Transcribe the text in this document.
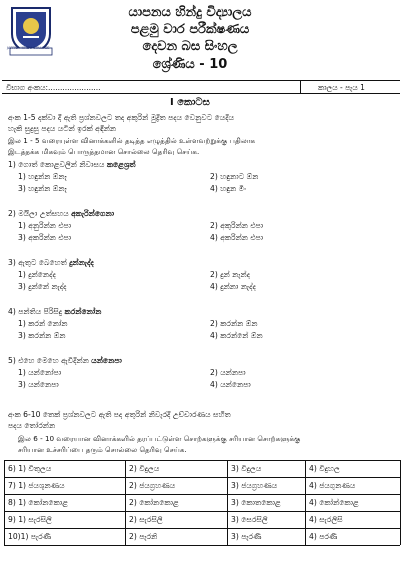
JAFFNA HINDU COLLEGE
යාපනය හින්දු විද්‍යාලය
පළමු වාර පරීක්ෂණය
දෙවන බස සිංහල
ශ්‍රේණිය - 10
විභාග අංකය:......................	කාලය - පැය 1
I කොටස
අංක 1-5 දක්වා දී ඇති ප්‍රශ්නවලට තද අකුරින් මුද්‍රිත පදය වෙනුවට යෙදිය
හැකි සුදුසු පදය යටින් ඉරක් අඳින්න
இல 1 - 5 வரையுள்ள வினாக்களில் தடித்த எழுத்தில் உள்ளவற்றுக்கு பதிலாக
இடத்தக்க மிகவும் பொருத்தமான சொல்லை தெரிவு செய்க.
1) ගොත් කොළවලින් නිවාසය කළ‍ෙශ්‍රත්
1) හඳුන්න ඕනෑ	2) හඳුනාට ඕන
3) හඳුන්න ඕනෑ	4) හඳුන මිං
2) මයිලා උත්සහය අකැරින්ගෙනා
1) අනුරින්න එපා	2) අකුරින්න එපා
3) අකරින්න එපා	4) අකරින්න එපා
3) ඇතුට බෙහෙත් දුන්නැද්ද
1) දුන්නෙද්ද	2) දුන් නැන්ද
3) දුන්නේ නැද්ද	4) දුන්නා නැද්ද
4) පන්තිය පිරිසිදු කරන්නෝන
1) කරන් නෝන	2) කරන්න ඕන
3) කරන්න ඕන	4) කරන්නේ ඕන
5) එහෙ මෙහෙ ඇවිදින්න යන්නෙපා
1) යන්නෝපා	2) යන්නපා
3) යන්නෙපා	4) යන්නෙපා
අංක 6-10 තෙක් ප්‍රශ්නවලට ඇති පද අතුරින් නිවැරදි උච්චාරණය සහිත
පදය තෝරන්න
இல 6 - 10 வரையான வினாக்களில் தரப்பட்டுள்ள சொற்களுக்கு சரியான சொற்களுக்கு
சரியான உச்சரிப்பை தரும் சொல்லை தெரிவு செய்க.
6) 1) විතුලය	2) විදුලය	3) විදුලය	4) විදුහල
7) 1) ජයශුනණය	2) ජයග්‍රහණය	3) ජයග්‍රහණය	4) ජයගුනණය
8) 1) කෝනකොළ	2) කෝනකොළ	3) කොතකොළ	4) කෝන්කොළ
9) 1) සැරසිලි	2) සැරසිලි	3) සෙරසිලි	4) සැරලිසි
10)1) පැරණි	2) පැරනි	3) පැරණි	4) පරණි
